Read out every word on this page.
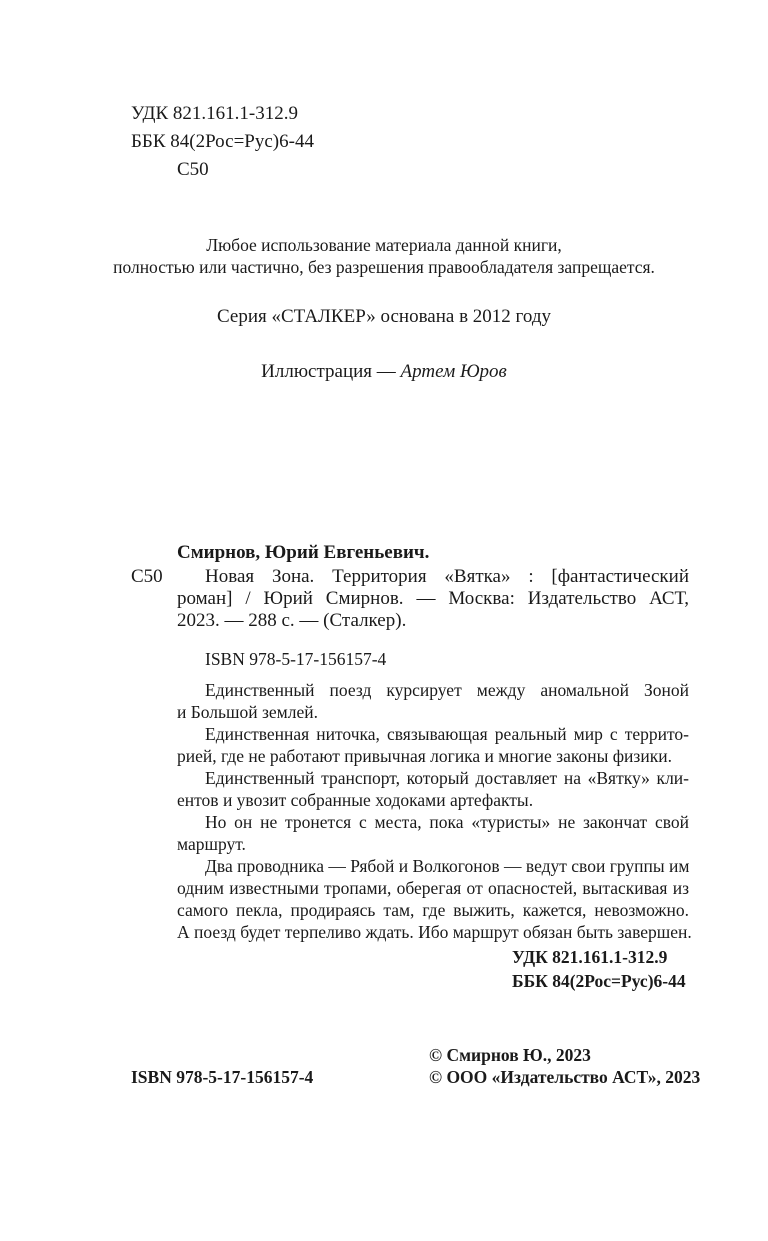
УДК 821.161.1-312.9
ББК 84(2Рос=Рус)6-44
С50
Любое использование материала данной книги,
полностью или частично, без разрешения правообладателя запрещается.
Серия «СТАЛКЕР» основана в 2012 году
Иллюстрация — Артем Юров
Смирнов, Юрий Евгеньевич.
С50	Новая Зона. Территория «Вятка» : [фантастический
роман] / Юрий Смирнов. — Москва: Издательство АСТ,
2023. — 288 с. — (Сталкер).
ISBN 978-5-17-156157-4
Единственный поезд курсирует между аномальной Зоной
и Большой землей.
Единственная ниточка, связывающая реальный мир с террито-
рией, где не работают привычная логика и многие законы физики.
Единственный транспорт, который доставляет на «Вятку» кли-
ентов и увозит собранные ходоками артефакты.
Но он не тронется с места, пока «туристы» не закончат свой
маршрут.
Два проводника — Рябой и Волкогонов — ведут свои группы им
одним известными тропами, оберегая от опасностей, вытаскивая из
самого пекла, продираясь там, где выжить, кажется, невозможно.
А поезд будет терпеливо ждать. Ибо маршрут обязан быть завершен.
УДК 821.161.1-312.9
ББК 84(2Рос=Рус)6-44
© Смирнов Ю., 2023
ISBN 978-5-17-156157-4	© ООО «Издательство АСТ», 2023
